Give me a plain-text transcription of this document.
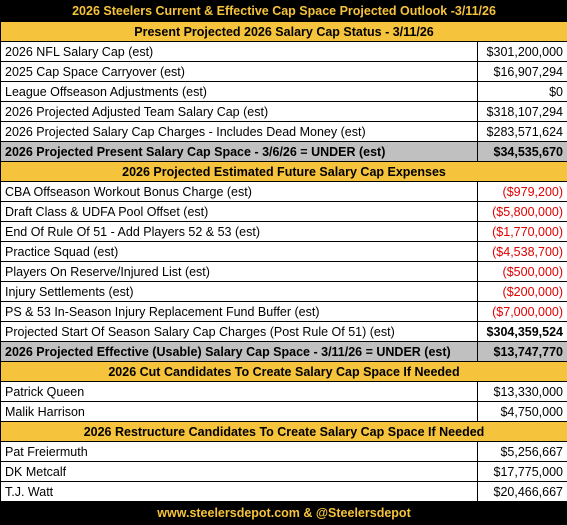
2026 Steelers Current & Effective Cap Space Projected Outlook -3/11/26	
Present Projected 2026 Salary Cap Status - 3/11/26	
2026 NFL Salary Cap (est)	$301,200,000
2025 Cap Space Carryover (est)	$16,907,294
League Offseason Adjustments (est)	$0
2026 Projected Adjusted Team Salary Cap (est)	$318,107,294
2026 Projected Salary Cap Charges - Includes Dead Money (est)	$283,571,624
2026 Projected Present Salary Cap Space - 3/6/26 = UNDER (est)	$34,535,670
2026 Projected Estimated Future Salary Cap Expenses	
CBA Offseason Workout Bonus Charge (est)	($979,200)
Draft Class & UDFA Pool Offset (est)	($5,800,000)
End Of Rule Of 51 - Add Players 52 & 53 (est)	($1,770,000)
Practice Squad (est)	($4,538,700)
Players On Reserve/Injured List (est)	($500,000)
Injury Settlements (est)	($200,000)
PS & 53 In-Season Injury Replacement Fund Buffer (est)	($7,000,000)
Projected Start Of Season Salary Cap Charges (Post Rule Of 51) (est)	$304,359,524
2026 Projected Effective (Usable) Salary Cap Space - 3/11/26 = UNDER (est)	$13,747,770
2026 Cut Candidates To Create Salary Cap Space If Needed	
Patrick Queen	$13,330,000
Malik Harrison	$4,750,000
2026 Restructure Candidates To Create Salary Cap Space If Needed	
Pat Freiermuth	$5,256,667
DK Metcalf	$17,775,000
T.J. Watt	$20,466,667
www.steelersdepot.com & @Steelersdepot	
